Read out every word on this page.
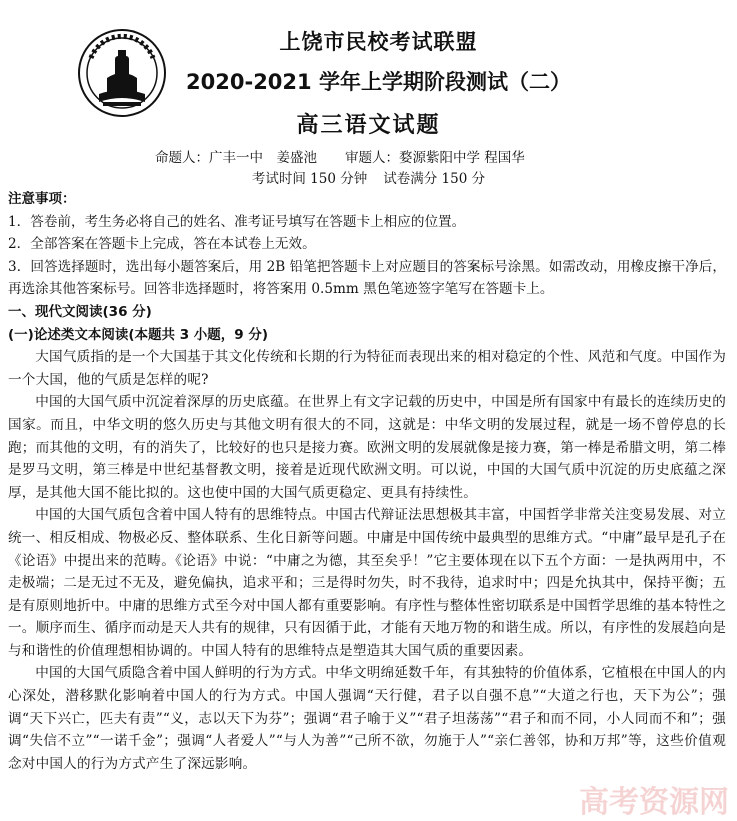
上饶市民校考试联盟
2020-2021 学年上学期阶段测试（二）
高三语文试题
命题人：广丰一中　姜盛池 审题人：婺源紫阳中学 程国华
考试时间 150 分钟 试卷满分 150 分

注意事项：

1．答卷前，考生务必将自己的姓名、准考证号填写在答题卡上相应的位置。

2．全部答案在答题卡上完成，答在本试卷上无效。

3．回答选择题时，选出每小题答案后，用 2B 铅笔把答题卡上对应题目的答案标号涂黑。如需改动，用橡皮擦干净后，再选涂其他答案标号。回答非选择题时，将答案用 0.5mm 黑色笔迹签字笔写在答题卡上。

一、现代文阅读(36 分)

(一)论述类文本阅读(本题共 3 小题，9 分)

大国气质指的是一个大国基于其文化传统和长期的行为特征而表现出来的相对稳定的个性、风范和气度。中国作为一个大国，他的气质是怎样的呢?

中国的大国气质中沉淀着深厚的历史底蕴。在世界上有文字记载的历史中，中国是所有国家中有最长的连续历史的国家。而且，中华文明的悠久历史与其他文明有很大的不同，这就是：中华文明的发展过程，就是一场不曾停息的长跑；而其他的文明，有的消失了，比较好的也只是接力赛。欧洲文明的发展就像是接力赛，第一棒是希腊文明，第二棒是罗马文明，第三棒是中世纪基督教文明，接着是近现代欧洲文明。可以说，中国的大国气质中沉淀的历史底蕴之深厚，是其他大国不能比拟的。这也使中国的大国气质更稳定、更具有持续性。

中国的大国气质包含着中国人特有的思维特点。中国古代辩证法思想极其丰富，中国哲学非常关注变易发展、对立统一、相反相成、物极必反、整体联系、生化日新等问题。中庸是中国传统中最典型的思维方式。“中庸”最早是孔子在《论语》中提出来的范畴。《论语》中说：“中庸之为德，其至矣乎！”它主要体现在以下五个方面：一是执两用中，不走极端；二是无过不无及，避免偏执，追求平和；三是得时勿失，时不我待，追求时中；四是允执其中，保持平衡；五是有原则地折中。中庸的思维方式至今对中国人都有重要影响。有序性与整体性密切联系是中国哲学思维的基本特性之一。顺序而生、循序而动是天人共有的规律，只有因循于此，才能有天地万物的和谐生成。所以，有序性的发展趋向是与和谐性的价值理想相协调的。中国人特有的思维特点是塑造其大国气质的重要因素。

中国的大国气质隐含着中国人鲜明的行为方式。中华文明绵延数千年，有其独特的价值体系，它植根在中国人的内心深处，潜移默化影响着中国人的行为方式。中国人强调“天行健，君子以自强不息”“大道之行也，天下为公”；强调“天下兴亡，匹夫有责”“义，志以天下为芬”；强调“君子喻于义”“君子坦荡荡”“君子和而不同，小人同而不和”；强调“失信不立”“一诺千金”；强调“人者爱人”“与人为善”“己所不欲，勿施于人”“亲仁善邻，协和万邦”等，这些价值观念对中国人的行为方式产生了深远影响。

高考资源网
